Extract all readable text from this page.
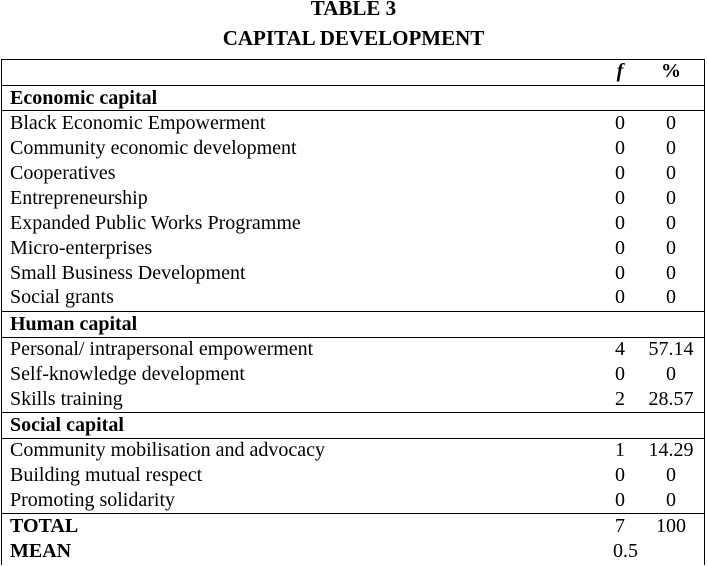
TABLE 3
CAPITAL DEVELOPMENT
f	%
Economic capital
Black Economic Empowerment	0	0
Community economic development	0	0
Cooperatives	0	0
Entrepreneurship	0	0
Expanded Public Works Programme	0	0
Micro-enterprises	0	0
Small Business Development	0	0
Social grants	0	0
Human capital
Personal/ intrapersonal empowerment	4	57.14
Self-knowledge development	0	0
Skills training	2	28.57
Social capital
Community mobilisation and advocacy	1	14.29
Building mutual respect	0	0
Promoting solidarity	0	0
TOTAL	7	100
MEAN	0.5
